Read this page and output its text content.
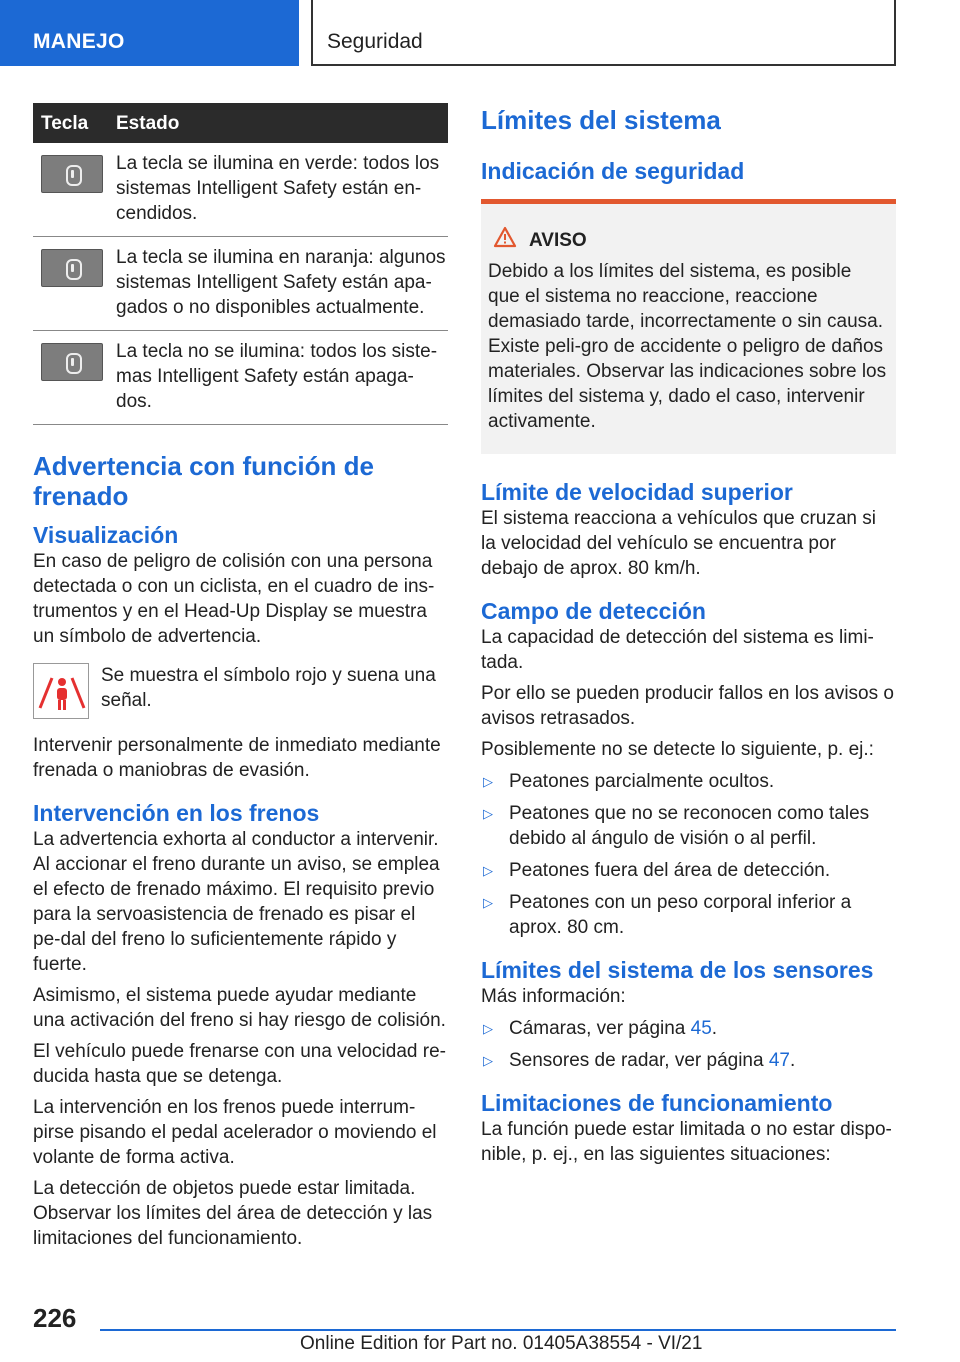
MANEJO	Seguridad
Tecla	Estado
La tecla se ilumina en verde: todos los sistemas Intelligent Safety están en-cendidos.
La tecla se ilumina en naranja: algunos sistemas Intelligent Safety están apa-gados o no disponibles actualmente.
La tecla no se ilumina: todos los siste-mas Intelligent Safety están apaga-dos.
Advertencia con función de frenado
Visualización

En caso de peligro de colisión con una persona detectada o con un ciclista, en el cuadro de ins-trumentos y en el Head-Up Display se muestra un símbolo de advertencia.

Se muestra el símbolo rojo y suena una señal.

Intervenir personalmente de inmediato mediante frenada o maniobras de evasión.

Intervención en los frenos

La advertencia exhorta al conductor a intervenir. Al accionar el freno durante un aviso, se emplea el efecto de frenado máximo. El requisito previo para la servoasistencia de frenado es pisar el pe-dal del freno lo suficientemente rápido y fuerte.

Asimismo, el sistema puede ayudar mediante una activación del freno si hay riesgo de colisión.

El vehículo puede frenarse con una velocidad re-ducida hasta que se detenga.

La intervención en los frenos puede interrum-pirse pisando el pedal acelerador o moviendo el volante de forma activa.

La detección de objetos puede estar limitada. Observar los límites del área de detección y las limitaciones del funcionamiento.

Límites del sistema
Indicación de seguridad
AVISO

Debido a los límites del sistema, es posible que el sistema no reaccione, reaccione demasiado tarde, incorrectamente o sin causa. Existe peli-gro de accidente o peligro de daños materiales. Observar las indicaciones sobre los límites del sistema y, dado el caso, intervenir activamente.

Límite de velocidad superior

El sistema reacciona a vehículos que cruzan si la velocidad del vehículo se encuentra por debajo de aprox. 80 km/h.

Campo de detección

La capacidad de detección del sistema es limi-tada.

Por ello se pueden producir fallos en los avisos o avisos retrasados.

Posiblemente no se detecte lo siguiente, p. ej.:

▷ Peatones parcialmente ocultos.
▷ Peatones que no se reconocen como tales debido al ángulo de visión o al perfil.
▷ Peatones fuera del área de detección.
▷ Peatones con un peso corporal inferior a aprox. 80 cm.
Límites del sistema de los sensores

Más información:

▷ Cámaras, ver página 45.
▷ Sensores de radar, ver página 47.
Limitaciones de funcionamiento

La función puede estar limitada o no estar dispo-nible, p. ej., en las siguientes situaciones:

226
Online Edition for Part no. 01405A38554 - VI/21
